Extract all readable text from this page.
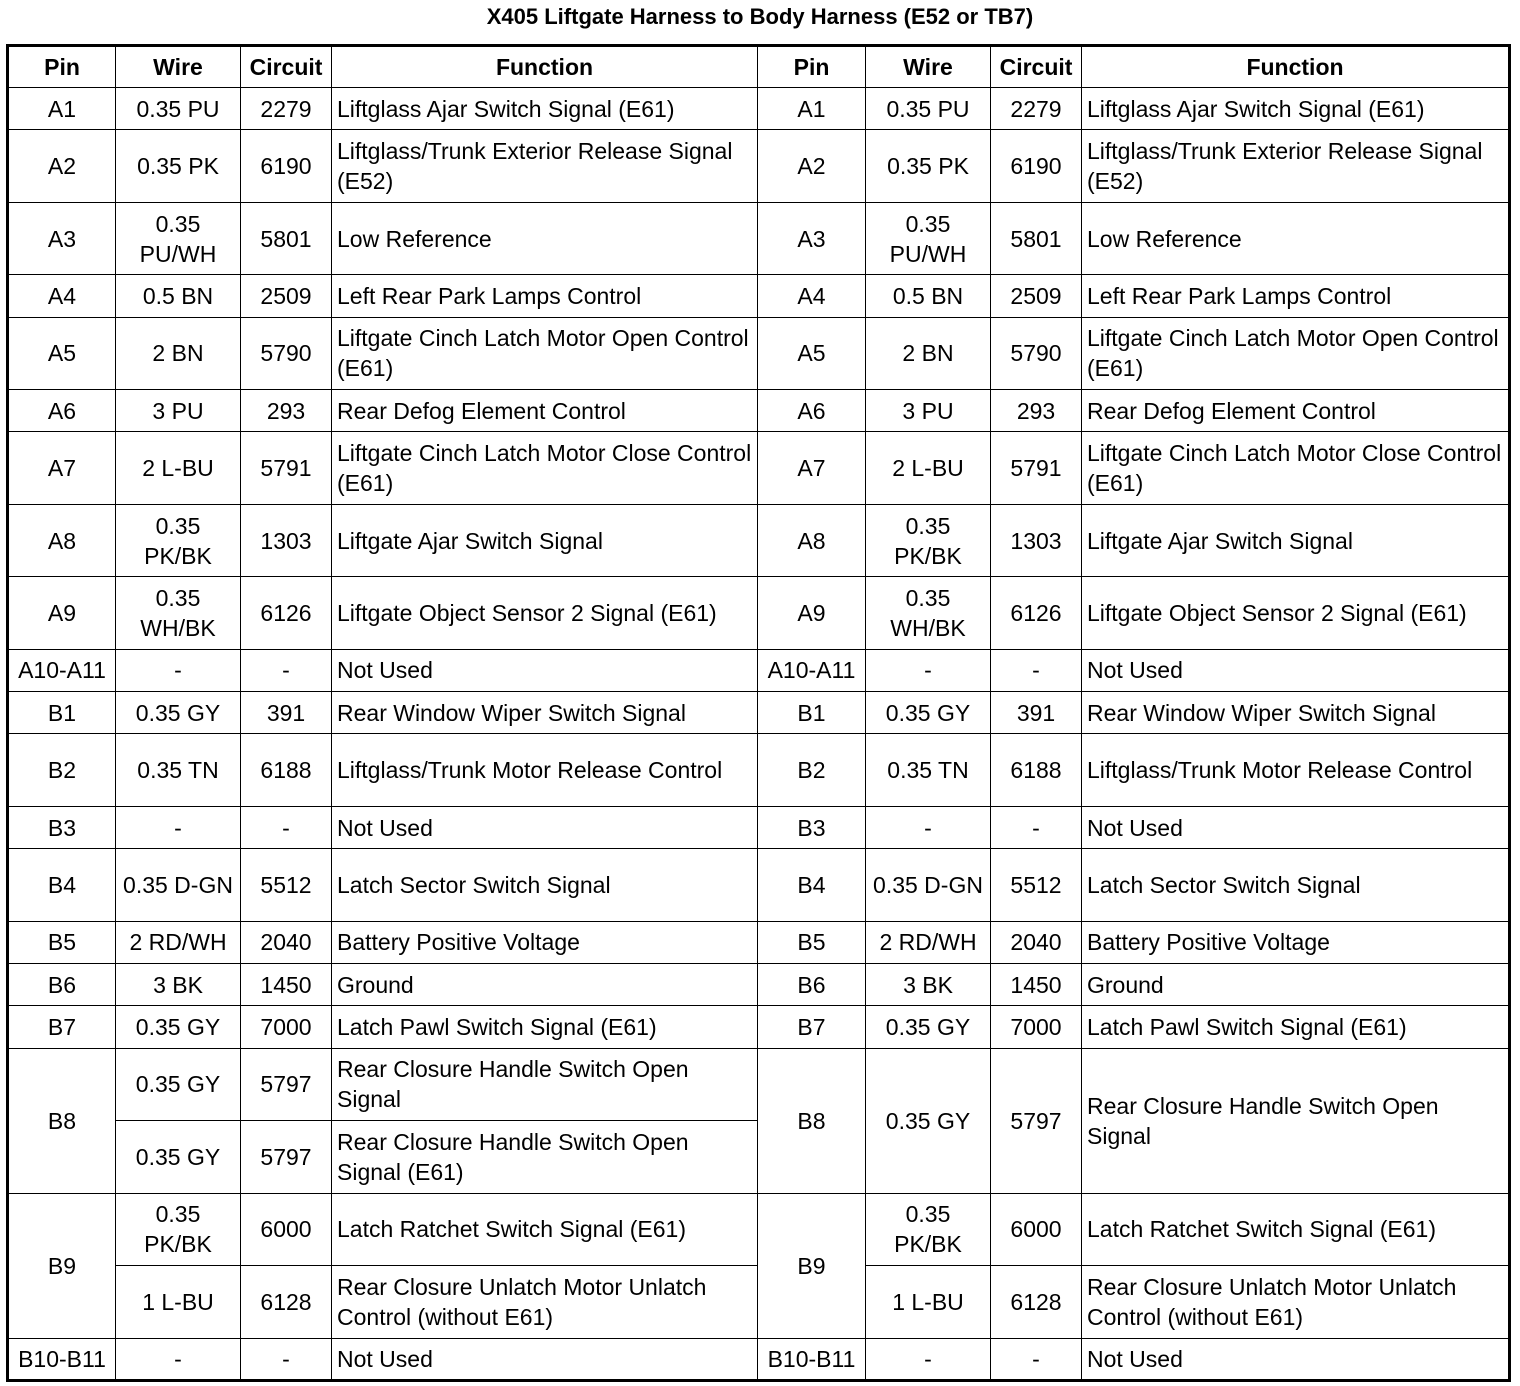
X405 Liftgate Harness to Body Harness (E52 or TB7)
Pin	Wire	Circuit	Function	Pin	Wire	Circuit	Function
A1	0.35 PU	2279	Liftglass Ajar Switch Signal (E61)	A1	0.35 PU	2279	Liftglass Ajar Switch Signal (E61)
A2	0.35 PK	6190	Liftglass/Trunk Exterior Release Signal (E52)	A2	0.35 PK	6190	Liftglass/Trunk Exterior Release Signal (E52)
A3	0.35 PU/WH	5801	Low Reference	A3	0.35 PU/WH	5801	Low Reference
A4	0.5 BN	2509	Left Rear Park Lamps Control	A4	0.5 BN	2509	Left Rear Park Lamps Control
A5	2 BN	5790	Liftgate Cinch Latch Motor Open Control (E61)	A5	2 BN	5790	Liftgate Cinch Latch Motor Open Control (E61)
A6	3 PU	293	Rear Defog Element Control	A6	3 PU	293	Rear Defog Element Control
A7	2 L-BU	5791	Liftgate Cinch Latch Motor Close Control (E61)	A7	2 L-BU	5791	Liftgate Cinch Latch Motor Close Control (E61)
A8	0.35 PK/BK	1303	Liftgate Ajar Switch Signal	A8	0.35 PK/BK	1303	Liftgate Ajar Switch Signal
A9	0.35 WH/BK	6126	Liftgate Object Sensor 2 Signal (E61)	A9	0.35 WH/BK	6126	Liftgate Object Sensor 2 Signal (E61)
A10-A11	-	-	Not Used	A10-A11	-	-	Not Used
B1	0.35 GY	391	Rear Window Wiper Switch Signal	B1	0.35 GY	391	Rear Window Wiper Switch Signal
B2	0.35 TN	6188	Liftglass/Trunk Motor Release Control	B2	0.35 TN	6188	Liftglass/Trunk Motor Release Control
B3	-	-	Not Used	B3	-	-	Not Used
B4	0.35 D-GN	5512	Latch Sector Switch Signal	B4	0.35 D-GN	5512	Latch Sector Switch Signal
B5	2 RD/WH	2040	Battery Positive Voltage	B5	2 RD/WH	2040	Battery Positive Voltage
B6	3 BK	1450	Ground	B6	3 BK	1450	Ground
B7	0.35 GY	7000	Latch Pawl Switch Signal (E61)	B7	0.35 GY	7000	Latch Pawl Switch Signal (E61)
B8	0.35 GY	5797	Rear Closure Handle Switch Open Signal	B8	0.35 GY	5797	Rear Closure Handle Switch Open Signal
	0.35 GY	5797	Rear Closure Handle Switch Open Signal (E61)				
B9	0.35 PK/BK	6000	Latch Ratchet Switch Signal (E61)	B9	0.35 PK/BK	6000	Latch Ratchet Switch Signal (E61)
	1 L-BU	6128	Rear Closure Unlatch Motor Unlatch Control (without E61)		1 L-BU	6128	Rear Closure Unlatch Motor Unlatch Control (without E61)
B10-B11	-	-	Not Used	B10-B11	-	-	Not Used
